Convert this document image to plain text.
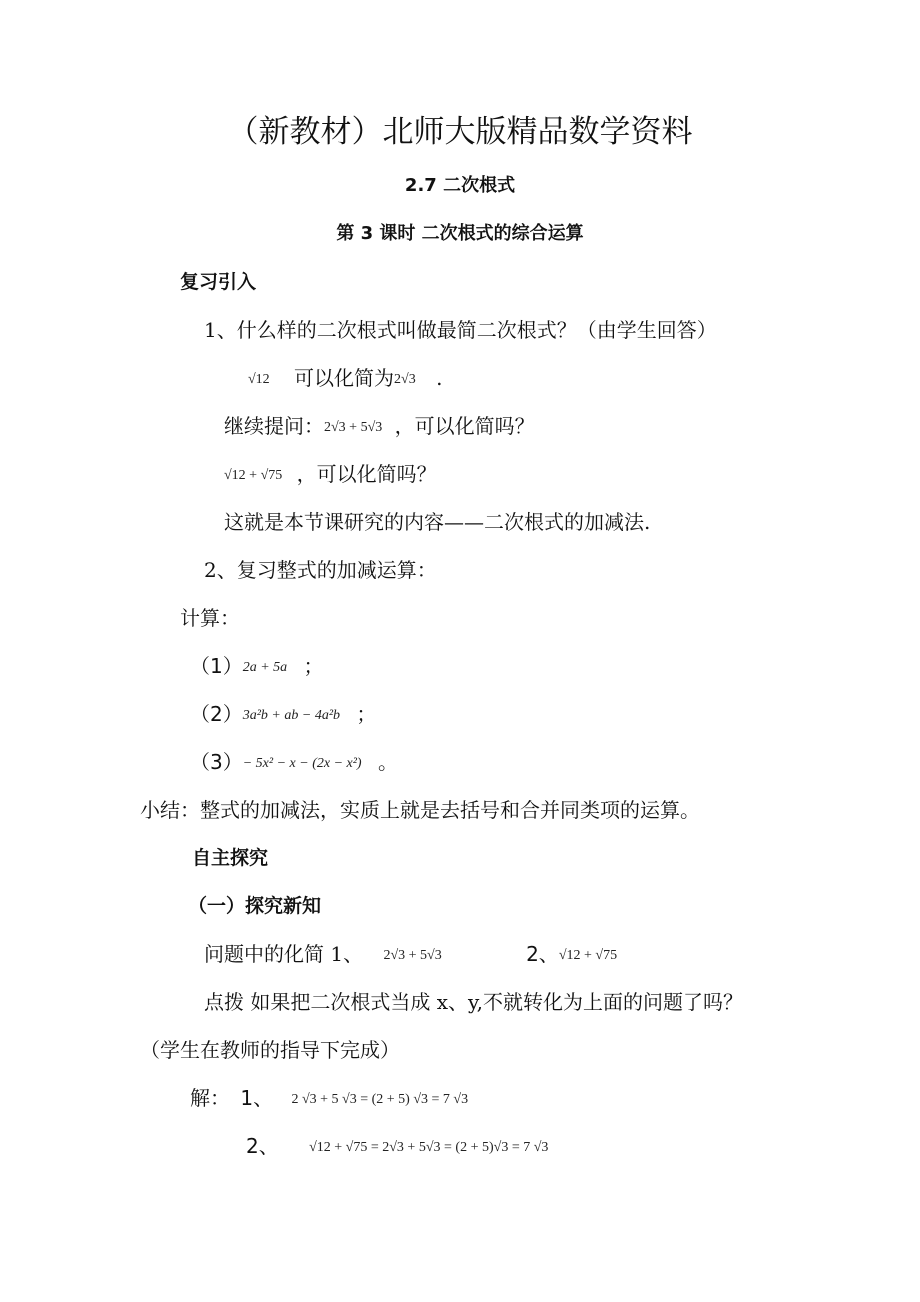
（新教材）北师大版精品数学资料
2.7 二次根式
第 3 课时 二次根式的综合运算
复习引入
1、什么样的二次根式叫做最简二次根式？（由学生回答）
√12 可以化简为2√3 .
继续提问：2√3 + 5√3 ，可以化简吗？
√12 + √75 ，可以化简吗？
这就是本节课研究的内容——二次根式的加减法.
2、复习整式的加减运算：
计算：
（1）2a + 5a ；
（2）3a²b + ab − 4a²b ；
（3）− 5x² − x − (2x − x²) 。
小结：整式的加减法，实质上就是去括号和合并同类项的运算。
自主探究
（一）探究新知
问题中的化简 1、 2√3 + 5√3	2、√12 + √75
点拨 如果把二次根式当成 x、y,不就转化为上面的问题了吗？
（学生在教师的指导下完成）
解： 1、 2 √3 + 5 √3 = (2 + 5) √3 = 7 √3
2、 √12 + √75 = 2√3 + 5√3 = (2 + 5)√3 = 7 √3
